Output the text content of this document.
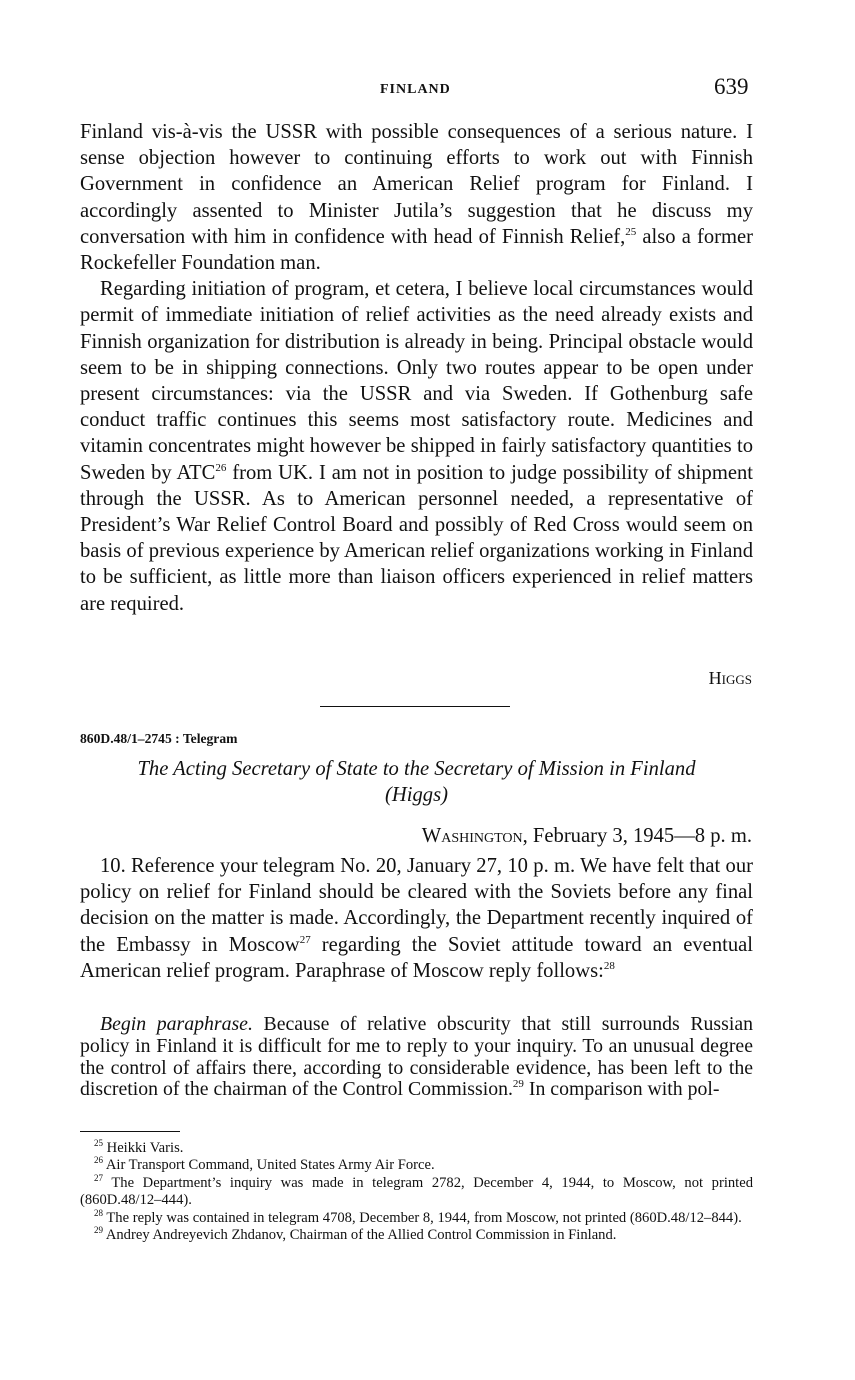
FINLAND	639

Finland vis-à-vis the USSR with possible consequences of a serious nature. I sense objection however to continuing efforts to work out with Finnish Government in confidence an American Relief program for Finland. I accordingly assented to Minister Jutila’s suggestion that he discuss my conversation with him in confidence with head of Finnish Relief,$^{25}$ also a former Rockefeller Foundation man.

Regarding initiation of program, et cetera, I believe local circumstances would permit of immediate initiation of relief activities as the need already exists and Finnish organization for distribution is already in being. Principal obstacle would seem to be in shipping connections. Only two routes appear to be open under present circumstances: via the USSR and via Sweden. If Gothenburg safe conduct traffic continues this seems most satisfactory route. Medicines and vitamin concentrates might however be shipped in fairly satisfactory quantities to Sweden by ATC$^{26}$ from UK. I am not in position to judge possibility of shipment through the USSR. As to American personnel needed, a representative of President’s War Relief Control Board and possibly of Red Cross would seem on basis of previous experience by American relief organizations working in Finland to be sufficient, as little more than liaison officers experienced in relief matters are required.

Higgs
860D.48/1–2745 : Telegram
The Acting Secretary of State to the Secretary of Mission in Finland
(Higgs)
Washington, February 3, 1945—8 p. m.

10. Reference your telegram No. 20, January 27, 10 p. m. We have felt that our policy on relief for Finland should be cleared with the Soviets before any final decision on the matter is made. Accordingly, the Department recently inquired of the Embassy in Moscow$^{27}$ regarding the Soviet attitude toward an eventual American relief program. Paraphrase of Moscow reply follows:$^{28}$

Begin paraphrase. Because of relative obscurity that still surrounds Russian policy in Finland it is difficult for me to reply to your inquiry. To an unusual degree the control of affairs there, according to considerable evidence, has been left to the discretion of the chairman of the Control Commission.$^{29}$ In comparison with pol-

$^{25}$ Heikki Varis.

$^{26}$ Air Transport Command, United States Army Air Force.

$^{27}$ The Department’s inquiry was made in telegram 2782, December 4, 1944, to Moscow, not printed (860D.48/12–444).

$^{28}$ The reply was contained in telegram 4708, December 8, 1944, from Moscow, not printed (860D.48/12–844).

$^{29}$ Andrey Andreyevich Zhdanov, Chairman of the Allied Control Commission in Finland.
